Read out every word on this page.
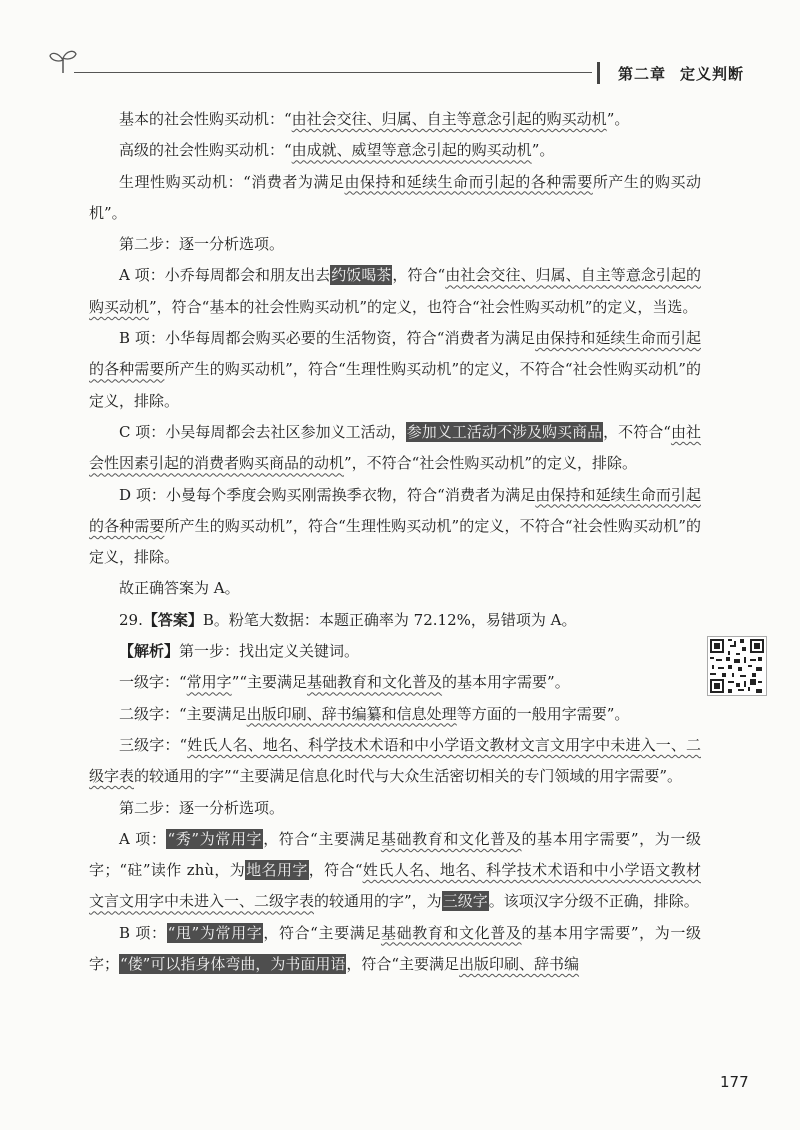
第二章 定义判断

基本的社会性购买动机：“由社会交往、归属、自主等意念引起的购买动机”。

高级的社会性购买动机：“由成就、威望等意念引起的购买动机”。

生理性购买动机：“消费者为满足由保持和延续生命而引起的各种需要所产生的购买动机”。

第二步：逐一分析选项。

A 项：小乔每周都会和朋友出去约饭喝茶，符合“由社会交往、归属、自主等意念引起的购买动机”，符合“基本的社会性购买动机”的定义，也符合“社会性购买动机”的定义，当选。

B 项：小华每周都会购买必要的生活物资，符合“消费者为满足由保持和延续生命而引起的各种需要所产生的购买动机”，符合“生理性购买动机”的定义，不符合“社会性购买动机”的定义，排除。

C 项：小吴每周都会去社区参加义工活动，参加义工活动不涉及购买商品，不符合“由社会性因素引起的消费者购买商品的动机”，不符合“社会性购买动机”的定义，排除。

D 项：小曼每个季度会购买刚需换季衣物，符合“消费者为满足由保持和延续生命而引起的各种需要所产生的购买动机”，符合“生理性购买动机”的定义，不符合“社会性购买动机”的定义，排除。

故正确答案为 A。

29.【答案】B。粉笔大数据：本题正确率为 72.12%，易错项为 A。

【解析】第一步：找出定义关键词。

一级字：“常用字”“主要满足基础教育和文化普及的基本用字需要”。

二级字：“主要满足出版印刷、辞书编纂和信息处理等方面的一般用字需要”。

三级字：“姓氏人名、地名、科学技术术语和中小学语文教材文言文用字中未进入一、二级字表的较通用的字”“主要满足信息化时代与大众生活密切相关的专门领域的用字需要”。

第二步：逐一分析选项。

A 项：“秀”为常用字，符合“主要满足基础教育和文化普及的基本用字需要”，为一级字；“砫”读作 zhù，为地名用字，符合“姓氏人名、地名、科学技术术语和中小学语文教材文言文用字中未进入一、二级字表的较通用的字”，为三级字。该项汉字分级不正确，排除。

B 项：“甩”为常用字，符合“主要满足基础教育和文化普及的基本用字需要”，为一级字；“偻”可以指身体弯曲，为书面用语，符合“主要满足出版印刷、辞书编

177
